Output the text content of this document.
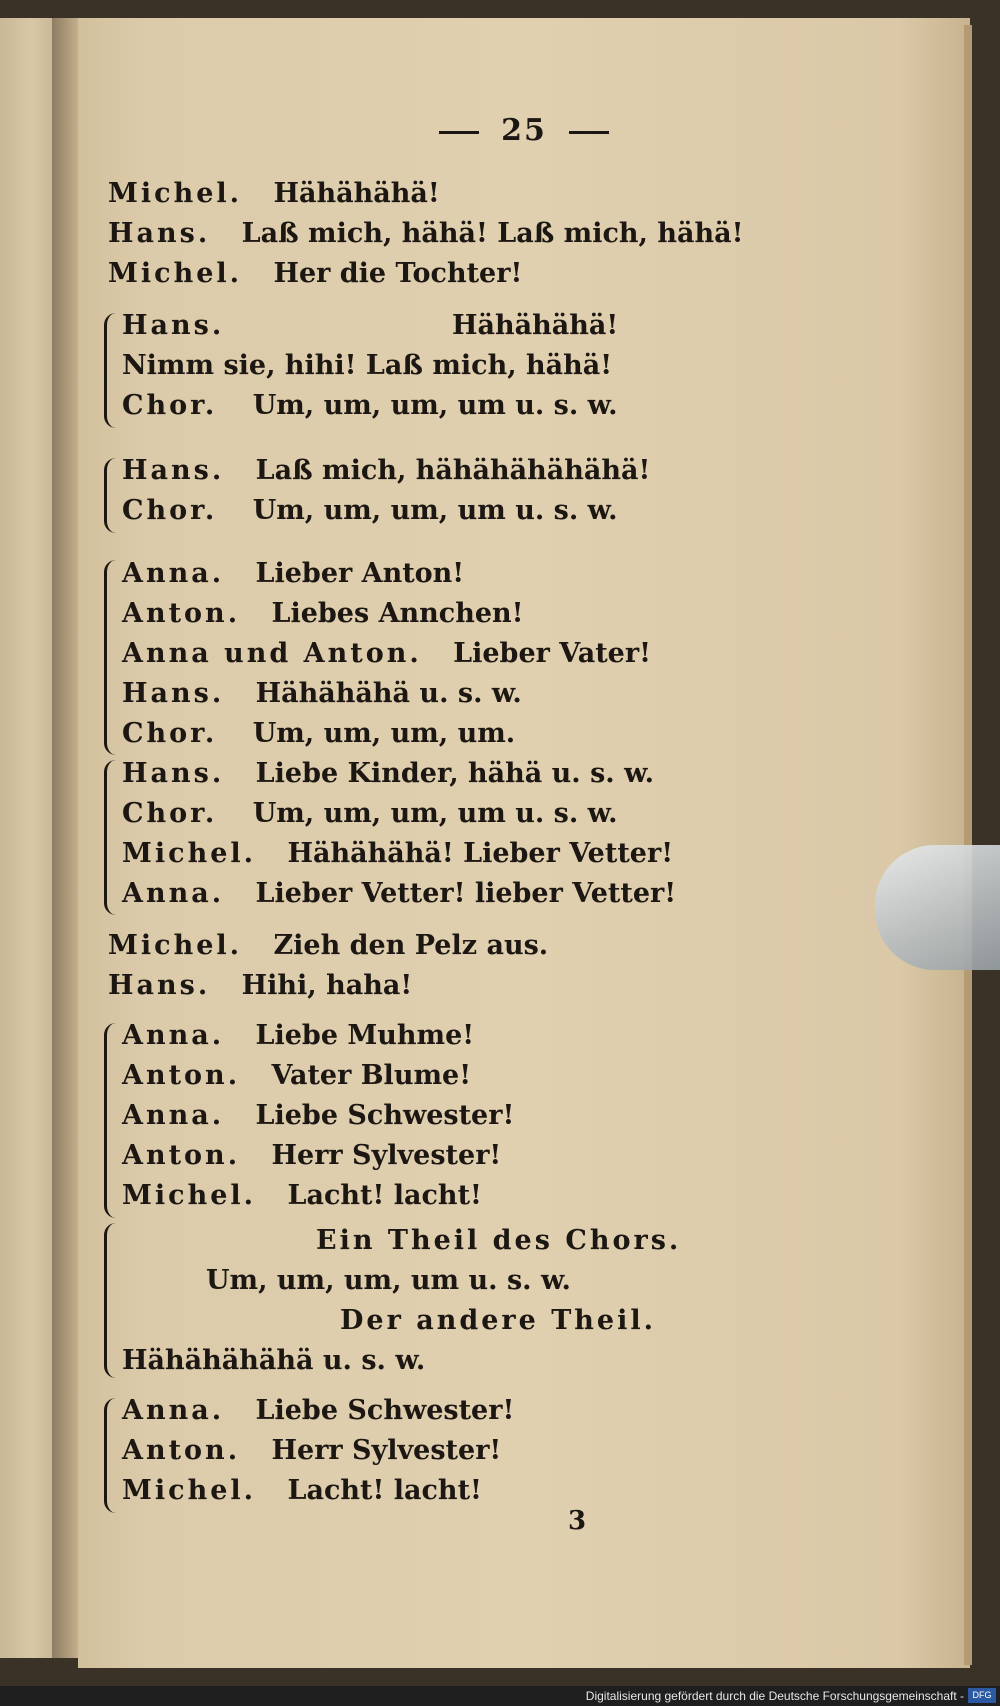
25
Michel. Hähähähä!
Hans. Laß mich, hähä! Laß mich, hähä!
Michel. Her die Tochter!
Hans.	Hähähähä!
Nimm sie, hihi! Laß mich, hähä!
Chor. Um, um, um, um u. s. w.
Hans. Laß mich, hähähähähähä!
Chor. Um, um, um, um u. s. w.
Anna. Lieber Anton!
Anton. Liebes Annchen!
Anna und Anton. Lieber Vater!
Hans. Hähähähä u. s. w.
Chor. Um, um, um, um.
Hans. Liebe Kinder, hähä u. s. w.
Chor. Um, um, um, um u. s. w.
Michel. Hähähähä! Lieber Vetter!
Anna. Lieber Vetter! lieber Vetter!
Michel. Zieh den Pelz aus.
Hans. Hihi, haha!
Anna. Liebe Muhme!
Anton. Vater Blume!
Anna. Liebe Schwester!
Anton. Herr Sylvester!
Michel. Lacht! lacht!
Ein Theil des Chors.
Um, um, um, um u. s. w.
Der andere Theil.
Hähähähähä u. s. w.
Anna. Liebe Schwester!
Anton. Herr Sylvester!
Michel. Lacht! lacht!
3
Digitalisierung gefördert durch die Deutsche Forschungsgemeinschaft - DFG
